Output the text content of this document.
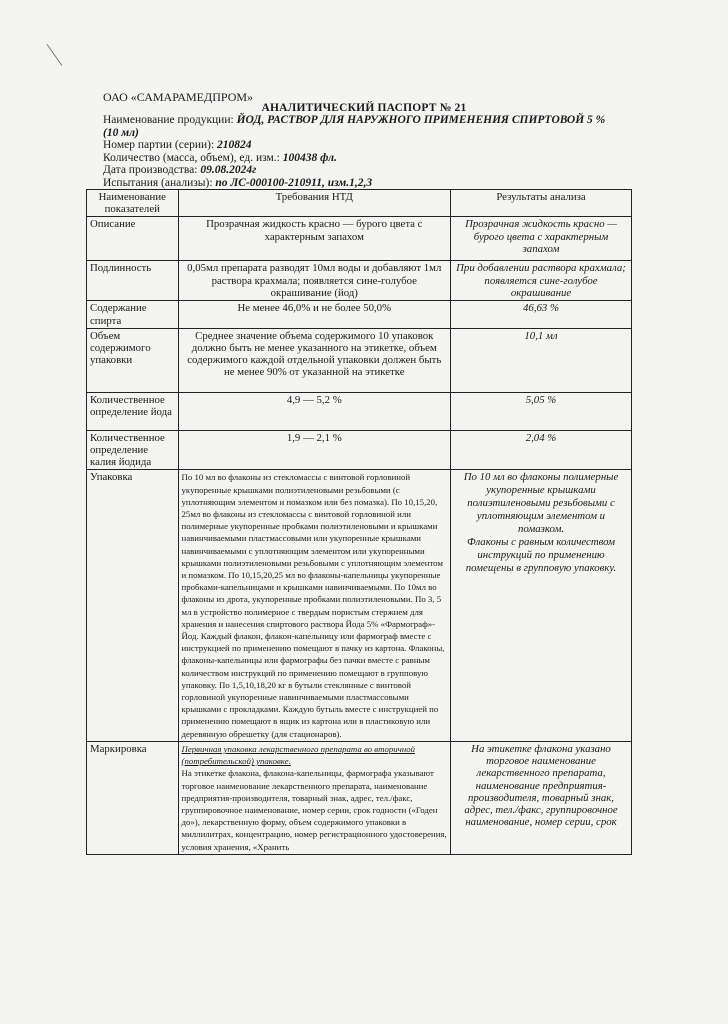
ОАО «САМАРАМЕДПРОМ»
АНАЛИТИЧЕСКИЙ ПАСПОРТ № 21
Наименование продукции: ЙОД, РАСТВОР ДЛЯ НАРУЖНОГО ПРИМЕНЕНИЯ СПИРТОВОЙ 5 % (10 мл)
Номер партии (серии): 210824
Количество (масса, объем), ед. изм.: 100438 фл.
Дата производства: 09.08.2024г
Испытания (анализы): по ЛС-000100-210911, изм.1,2,3
Наименование показателей	Требования НТД	Результаты анализа
Описание	Прозрачная жидкость красно — бурого цвета с характерным запахом	Прозрачная жидкость красно — бурого цвета с характерным запахом
Подлинность	0,05мл препарата разводят 10мл воды и добавляют 1мл раствора крахмала; появляется сине-голубое окрашивание (йод)	При добавлении раствора крахмала; появляется сине-голубое окрашивание
Содержание спирта	Не менее 46,0% и не более 50,0%	46,63 %
Объем содержимого упаковки	Среднее значение объема содержимого 10 упаковок должно быть не менее указанного на этикетке, объем содержимого каждой отдельной упаковки должен быть не менее 90% от указанной на этикетке	10,1 мл
Количественное определение йода	4,9 — 5,2 %	5,05 %
Количественное определение калия йодида	1,9 — 2,1 %	2,04 %
Упаковка	По 10 мл во флаконы из стекломассы с винтовой горловиной укупоренные крышками полиэтиленовыми резьбовыми (с уплотняющим элементом и помазком или без помазка). По 10,15,20, 25мл во флаконы из стекломассы с винтовой горловиной или полимерные укупоренные пробками полиэтиленовыми и крышками навинчиваемыми пластмассовыми или укупоренные крышками навинчиваемыми с уплотняющим элементом или укупоренными крышками полиэтиленовыми резьбовыми с уплотняющим элементом и помазком. По 10,15,20,25 мл во флаконы-капельницы укупоренные пробками-капельницами и крышками навинчиваемыми. По 10мл во флаконы из дрота, укупоренные пробками полиэтиленовыми. По 3, 5 мл в устройство полимерное с твердым пористым стержнем для хранения и нанесения спиртового раствора Йода 5% «Фармограф»-Йод. Каждый флакон, флакон-капельницу или фармограф вместе с инструкцией по применению помещают в пачку из картона. Флаконы, флаконы-капельницы или фармографы без пачки вместе с равным количеством инструкций по применению помещают в групповую упаковку. По 1,5,10,18,20 кг в бутыли стеклянные с винтовой горловиной укупоренные навинчиваемыми пластмассовыми крышками с прокладками. Каждую бутыль вместе с инструкцией по применению помещают в ящик из картона или в пластиковую или деревянную обрешетку (для стационаров).	По 10 мл во флаконы полимерные укупоренные крышками полиэтиленовыми резьбовыми с уплотняющим элементом и помазком.
Флаконы с равным количеством инструкций по применению помещены в групповую упаковку.

Маркировка	Первичная упаковка лекарственного препарата во вторичной (потребительской) упаковке.
На этикетке флакона, флакона-капельницы, фармографа указывают торговое наименование лекарственного препарата, наименование предприятия-производителя, товарный знак, адрес, тел./факс, группировочное наименование, номер серии, срок годности («Годен до»), лекарственную форму, объем содержимого упаковки в миллилитрах, концентрацию, номер регистрационного удостоверения, условия хранения, «Хранить	На этикетке флакона указано торговое наименование лекарственного препарата, наименование предприятия-производителя, товарный знак, адрес, тел./факс, группировочное наименование, номер серии, срок
